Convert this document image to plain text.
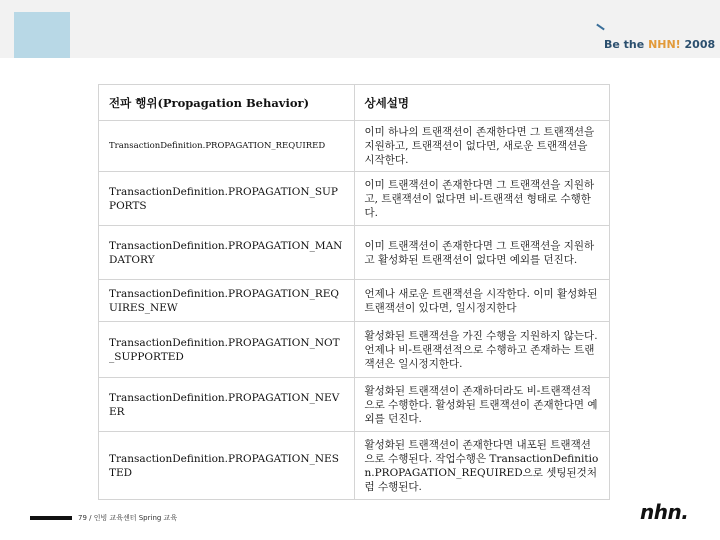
Be the NHN! 2008
전파 행위(Propagation Behavior)	상세설명
TransactionDefinition.PROPAGATION_REQUIRED	이미 하나의 트랜잭션이 존재한다면 그 트랜잭션을 지원하고, 트랜잭션이 없다면, 새로운 트랜잭션을 시작한다.
TransactionDefinition.PROPAGATION_SUPPORTS	이미 트랜잭션이 존재한다면 그 트랜잭션을 지원하고, 트랜잭션이 없다면 비-트랜잭션 형태로 수행한다.
TransactionDefinition.PROPAGATION_MANDATORY	이미 트랜잭션이 존재한다면 그 트랜잭션을 지원하고 활성화된 트랜잭션이 없다면 예외를 던진다.
TransactionDefinition.PROPAGATION_REQUIRES_NEW	언제나 새로운 트랜잭션을 시작한다. 이미 활성화된 트랜잭션이 있다면, 일시정지한다
TransactionDefinition.PROPAGATION_NOT_SUPPORTED	활성화된 트랜잭션을 가진 수행을 지원하지 않는다. 언제나 비-트랜잭션적으로 수행하고 존재하는 트랜잭션은 일시정지한다.
TransactionDefinition.PROPAGATION_NEVER	활성화된 트랜잭션이 존재하더라도 비-트랜잭션적으로 수행한다. 활성화된 트랜잭션이 존재한다면 예외를 던진다.
TransactionDefinition.PROPAGATION_NESTED	활성화된 트랜잭션이 존재한다면 내포된 트랜잭션으로 수행된다. 작업수행은 TransactionDefinition.PROPAGATION_REQUIRED으로 셋팅된것처럼 수행된다.
79 / 인빙 교육센터 Spring 교육	nhn.
